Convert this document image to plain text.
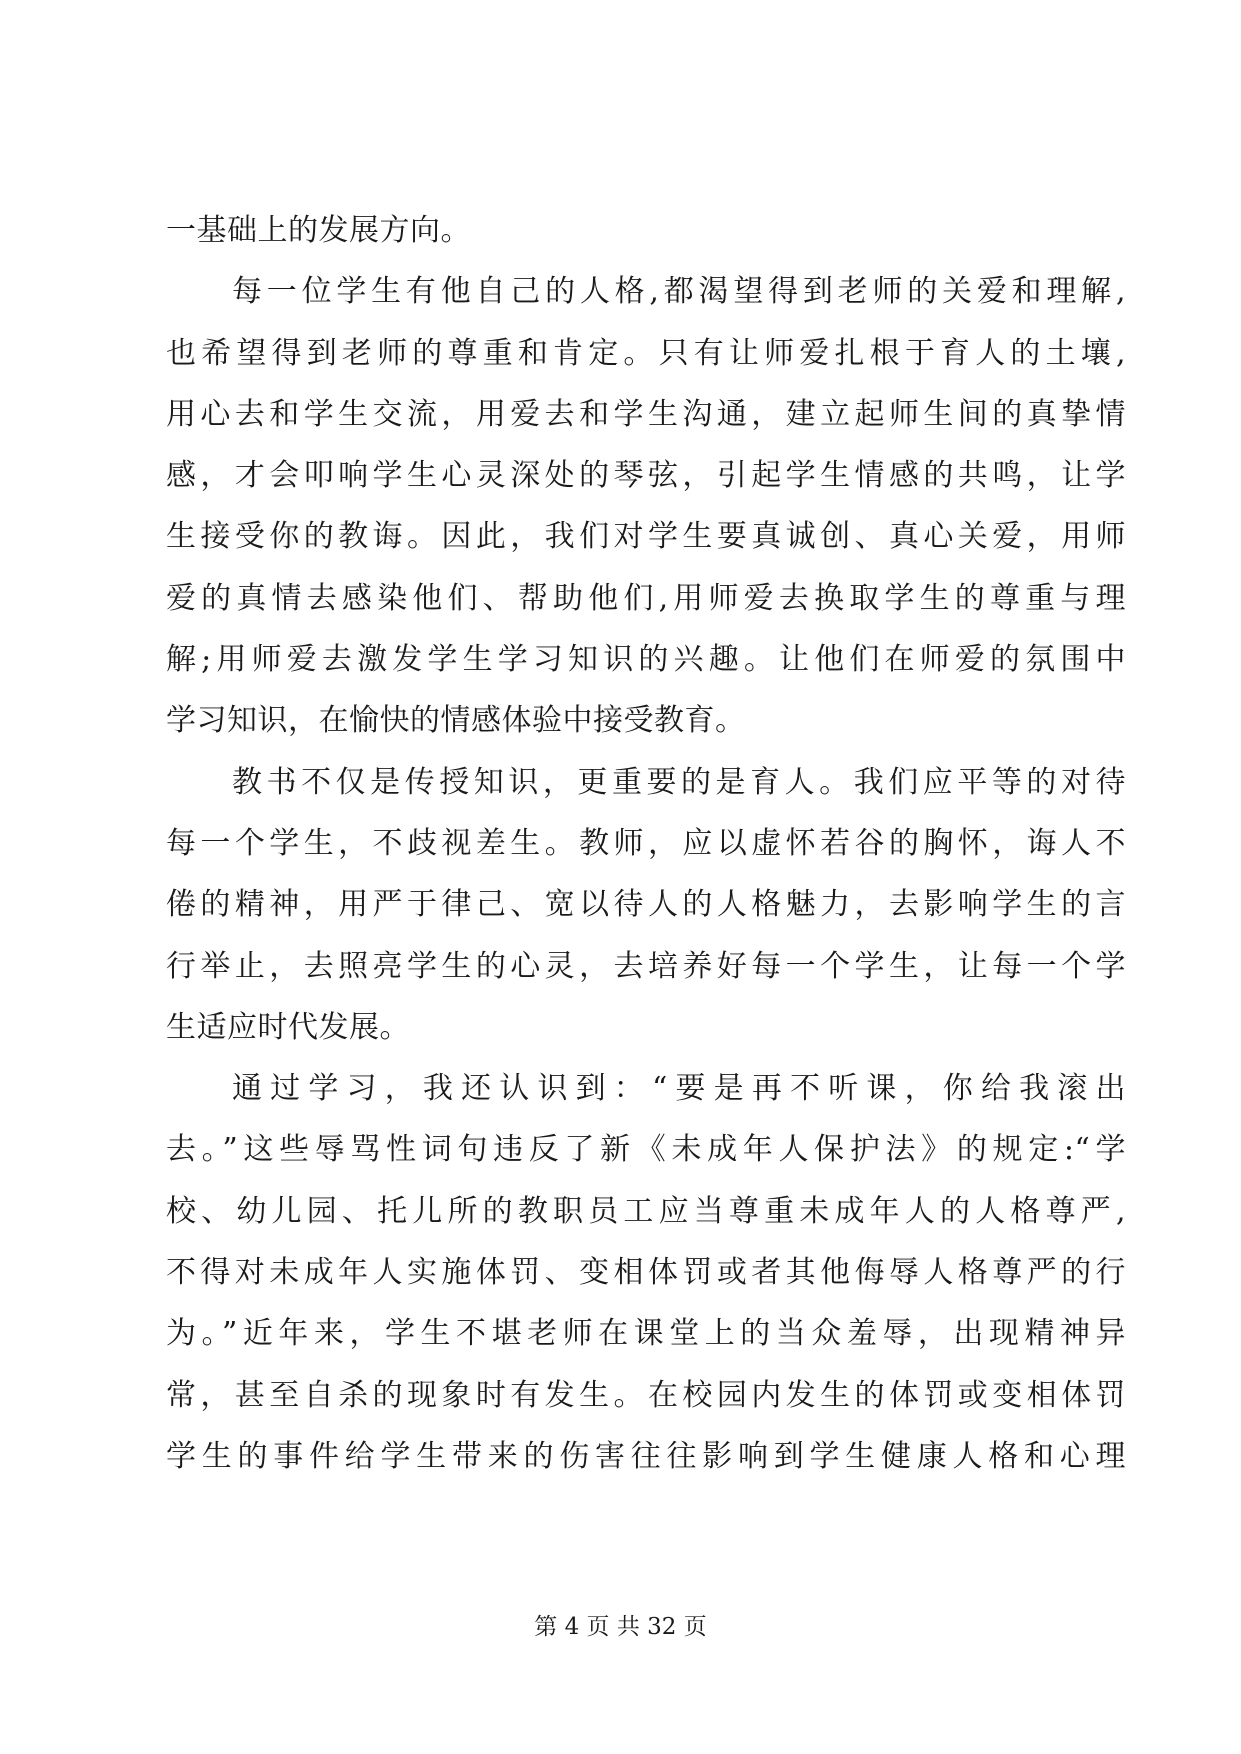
一基础上的发展方向。
每一位学生有他自己的人格,都渴望得到老师的关爱和理解,
也希望得到老师的尊重和肯定。只有让师爱扎根于育人的土壤,
用心去和学生交流，用爱去和学生沟通，建立起师生间的真挚情
感，才会叩响学生心灵深处的琴弦，引起学生情感的共鸣，让学
生接受你的教诲。因此，我们对学生要真诚创、真心关爱，用师
爱的真情去感染他们、帮助他们,用师爱去换取学生的尊重与理
解;用师爱去激发学生学习知识的兴趣。让他们在师爱的氛围中
学习知识，在愉快的情感体验中接受教育。
教书不仅是传授知识，更重要的是育人。我们应平等的对待
每一个学生，不歧视差生。教师，应以虚怀若谷的胸怀，诲人不
倦的精神，用严于律己、宽以待人的人格魅力，去影响学生的言
行举止，去照亮学生的心灵，去培养好每一个学生，让每一个学
生适应时代发展。
通过学习，我还认识到：“要是再不听课，你给我滚出
去。”这些辱骂性词句违反了新《未成年人保护法》的规定:“学
校、幼儿园、托儿所的教职员工应当尊重未成年人的人格尊严,
不得对未成年人实施体罚、变相体罚或者其他侮辱人格尊严的行
为。”近年来，学生不堪老师在课堂上的当众羞辱，出现精神异
常，甚至自杀的现象时有发生。在校园内发生的体罚或变相体罚
学生的事件给学生带来的伤害往往影响到学生健康人格和心理
第 4 页 共 32 页
